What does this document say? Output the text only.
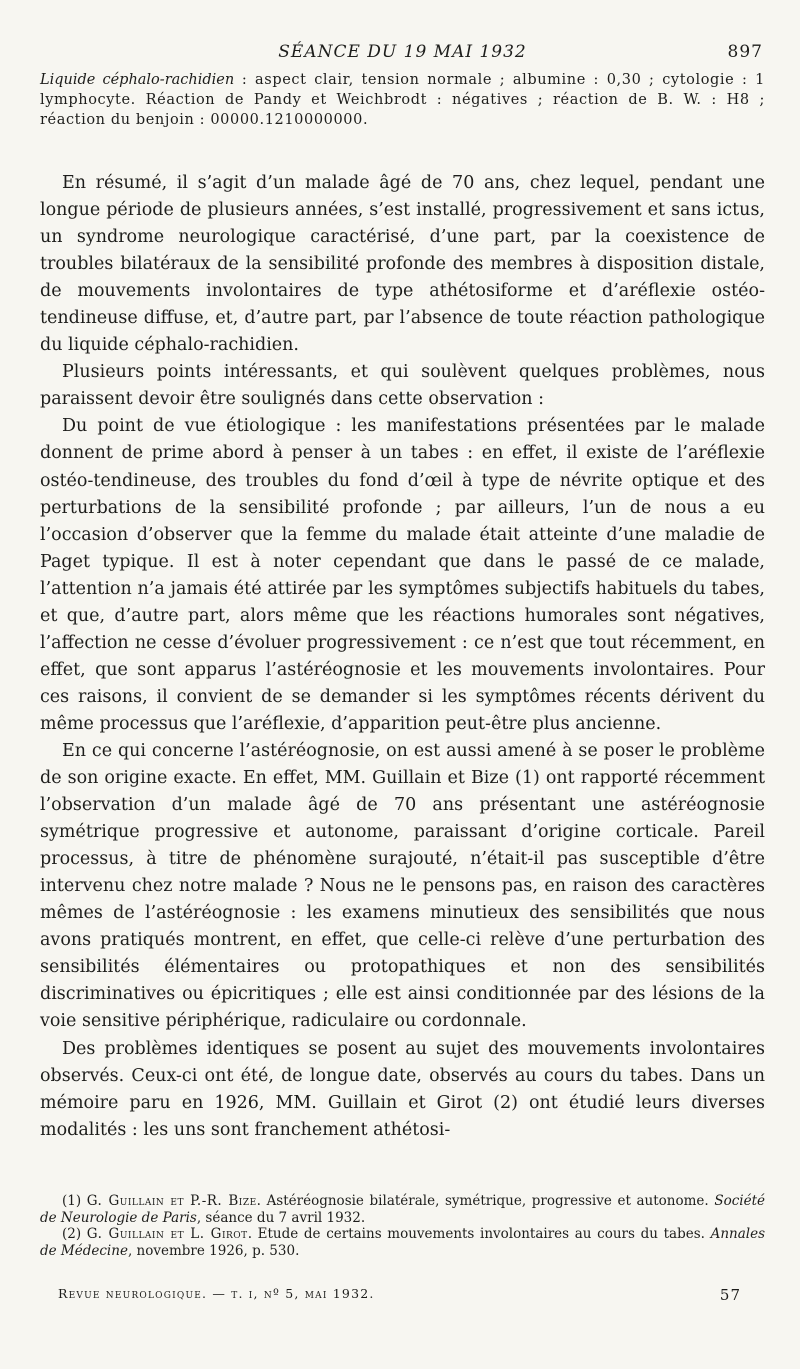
SÉANCE DU 19 MAI 1932	897
Liquide céphalo-rachidien : aspect clair, tension normale ; albumine : 0,30 ; cytologie : 1 lymphocyte. Réaction de Pandy et Weichbrodt : négatives ; réaction de B. W. : H8 ; réaction du benjoin : 00000.1210000000.

En résumé, il s’agit d’un malade âgé de 70 ans, chez lequel, pendant une longue période de plusieurs années, s’est installé, progressivement et sans ictus, un syndrome neurologique caractérisé, d’une part, par la coexistence de troubles bilatéraux de la sensibilité profonde des membres à disposition distale, de mouvements involontaires de type athétosiforme et d’aréflexie ostéo-tendineuse diffuse, et, d’autre part, par l’absence de toute réaction pathologique du liquide céphalo-rachidien.

Plusieurs points intéressants, et qui soulèvent quelques problèmes, nous paraissent devoir être soulignés dans cette observation :

Du point de vue étiologique : les manifestations présentées par le malade donnent de prime abord à penser à un tabes : en effet, il existe de l’aréflexie ostéo-tendineuse, des troubles du fond d’œil à type de névrite optique et des perturbations de la sensibilité profonde ; par ailleurs, l’un de nous a eu l’occasion d’observer que la femme du malade était atteinte d’une maladie de Paget typique. Il est à noter cependant que dans le passé de ce malade, l’attention n’a jamais été attirée par les symptômes subjectifs habituels du tabes, et que, d’autre part, alors même que les réactions humorales sont négatives, l’affection ne cesse d’évoluer progressivement : ce n’est que tout récemment, en effet, que sont apparus l’astéréognosie et les mouvements involontaires. Pour ces raisons, il convient de se demander si les symptômes récents dérivent du même processus que l’aréflexie, d’apparition peut-être plus ancienne.

En ce qui concerne l’astéréognosie, on est aussi amené à se poser le problème de son origine exacte. En effet, MM. Guillain et Bize (1) ont rapporté récemment l’observation d’un malade âgé de 70 ans présentant une astéréognosie symétrique progressive et autonome, paraissant d’origine corticale. Pareil processus, à titre de phénomène surajouté, n’était-il pas susceptible d’être intervenu chez notre malade ? Nous ne le pensons pas, en raison des caractères mêmes de l’astéréognosie : les examens minutieux des sensibilités que nous avons pratiqués montrent, en effet, que celle-ci relève d’une perturbation des sensibilités élémentaires ou protopathiques et non des sensibilités discriminatives ou épicritiques ; elle est ainsi conditionnée par des lésions de la voie sensitive périphérique, radiculaire ou cordonnale.

Des problèmes identiques se posent au sujet des mouvements involontaires observés. Ceux-ci ont été, de longue date, observés au cours du tabes. Dans un mémoire paru en 1926, MM. Guillain et Girot (2) ont étudié leurs diverses modalités : les uns sont franchement athétosi-

(1) G. Guillain et P.-R. Bize. Astéréognosie bilatérale, symétrique, progressive et autonome. Société de Neurologie de Paris, séance du 7 avril 1932.

(2) G. Guillain et L. Girot. Etude de certains mouvements involontaires au cours du tabes. Annales de Médecine, novembre 1926, p. 530.

Revue neurologique. — t. i, nº 5, mai 1932.	57
